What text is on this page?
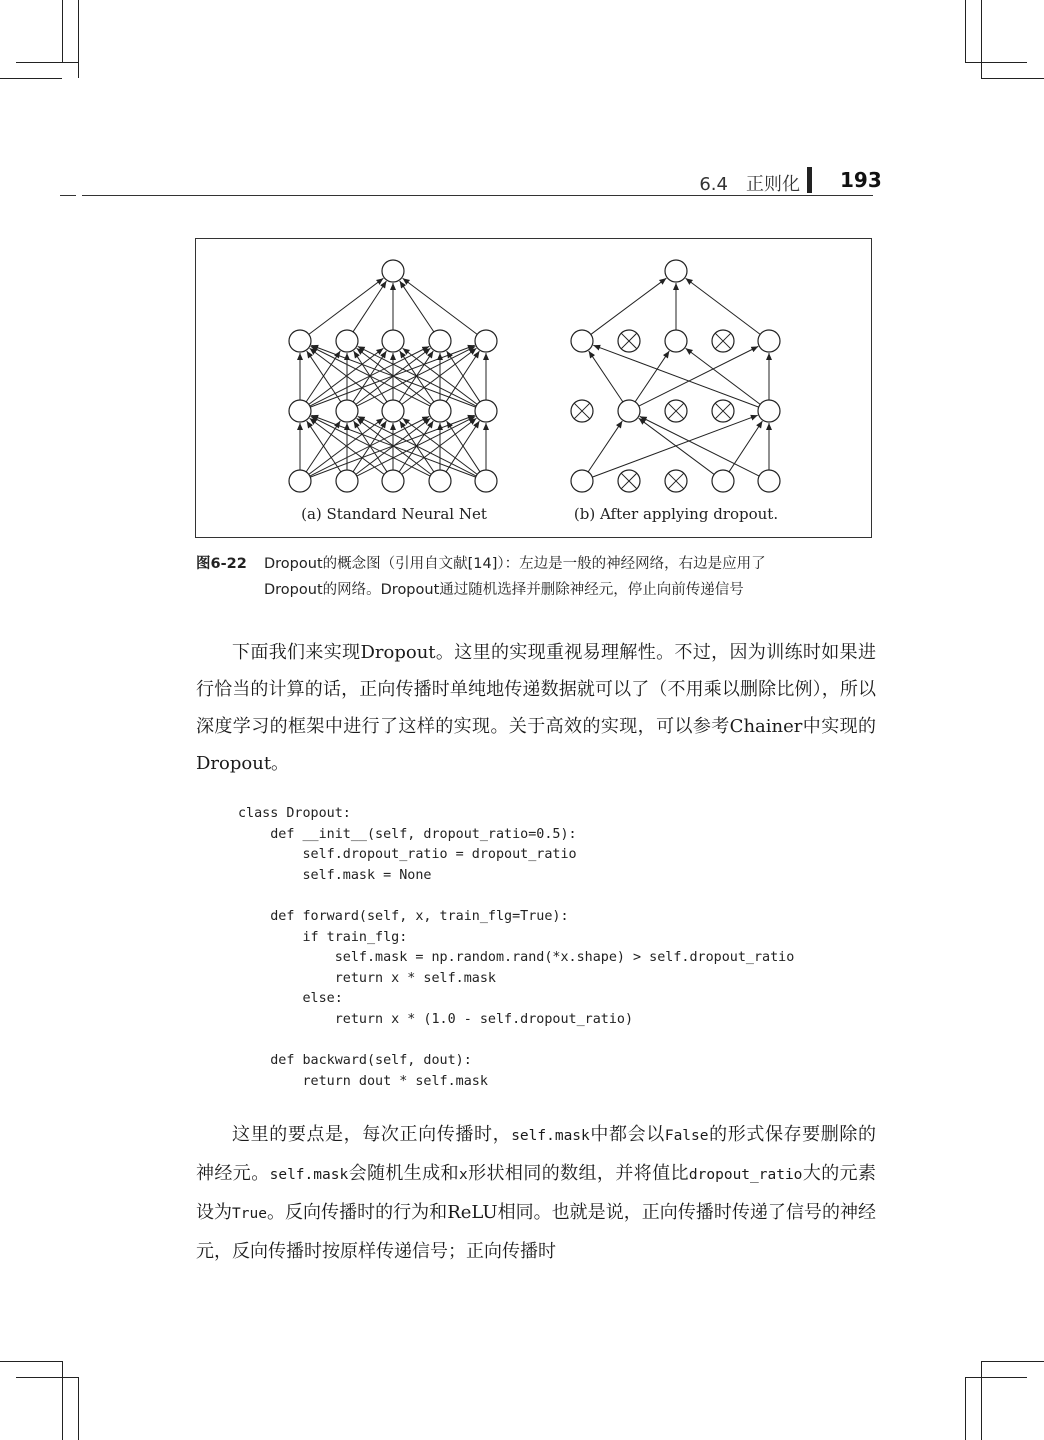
6.4　正则化 193
(a) Standard Neural Net	(b) After applying dropout.
图6-22 Dropout的概念图（引用自文献[14]）：左边是一般的神经网络，右边是应用了
Dropout的网络。Dropout通过随机选择并删除神经元，停止向前传递信号

下面我们来实现Dropout。这里的实现重视易理解性。不过，因为训练时如果进行恰当的计算的话，正向传播时单纯地传递数据就可以了（不用乘以删除比例），所以深度学习的框架中进行了这样的实现。关于高效的实现，可以参考Chainer中实现的Dropout。

class Dropout:
def __init__(self, dropout_ratio=0.5):
self.dropout_ratio = dropout_ratio
self.mask = None

def forward(self, x, train_flg=True):
if train_flg:
self.mask = np.random.rand(*x.shape) > self.dropout_ratio
return x * self.mask
else:
return x * (1.0 - self.dropout_ratio)

def backward(self, dout):
return dout * self.mask

这里的要点是，每次正向传播时，self.mask中都会以False的形式保存要删除的神经元。self.mask会随机生成和x形状相同的数组，并将值比dropout_ratio大的元素设为True。反向传播时的行为和ReLU相同。也就是说，正向传播时传递了信号的神经元，反向传播时按原样传递信号；正向传播时
